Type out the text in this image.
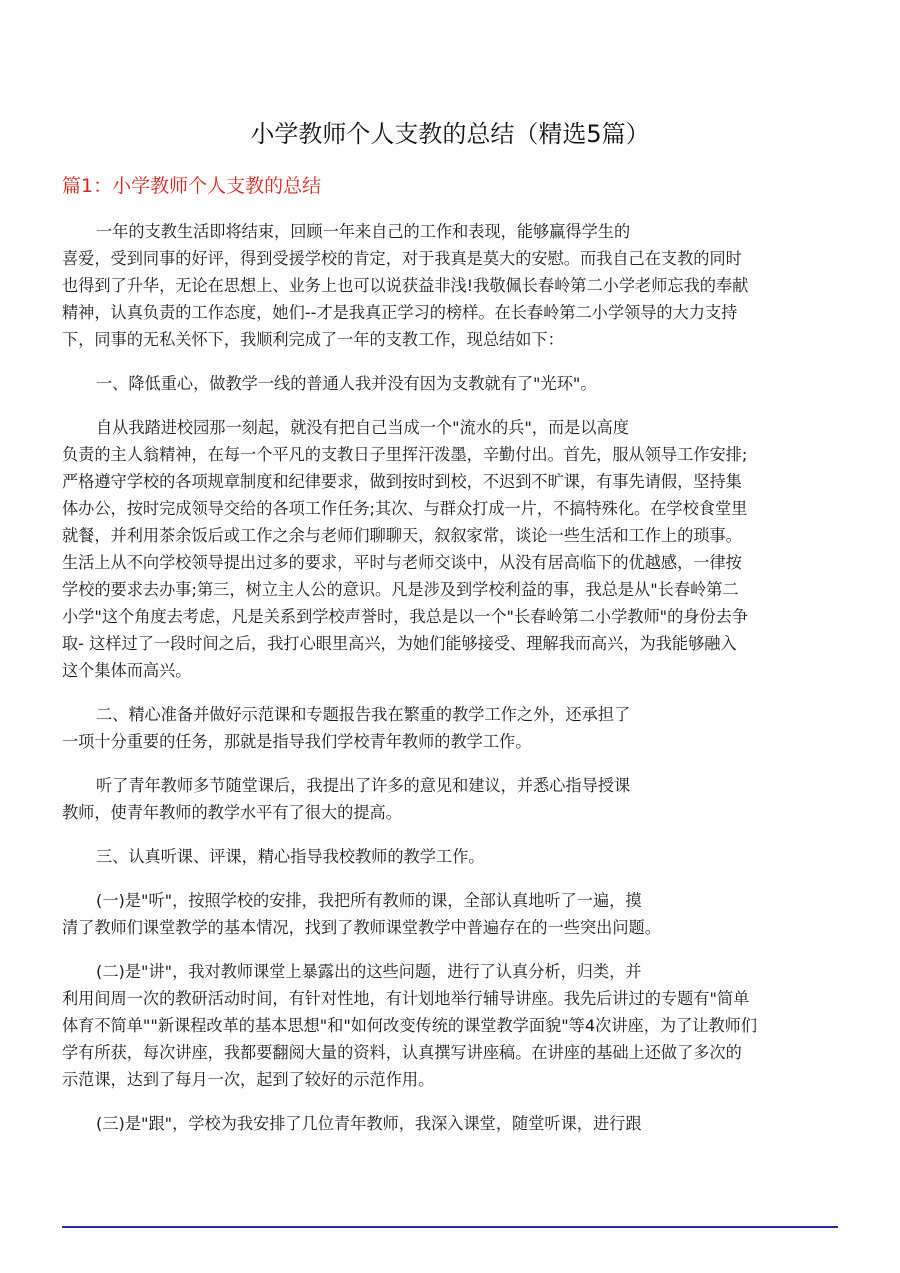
小学教师个人支教的总结（精选5篇）
篇1：小学教师个人支教的总结

一年的支教生活即将结束，回顾一年来自己的工作和表现，能够赢得学生的
喜爱，受到同事的好评，得到受援学校的肯定，对于我真是莫大的安慰。而我自己在支教的同时
也得到了升华，无论在思想上、业务上也可以说获益非浅!我敬佩长春岭第二小学老师忘我的奉献
精神，认真负责的工作态度，她们--才是我真正学习的榜样。在长春岭第二小学领导的大力支持
下，同事的无私关怀下，我顺利完成了一年的支教工作，现总结如下：

一、降低重心，做教学一线的普通人我并没有因为支教就有了"光环"。

自从我踏进校园那一刻起，就没有把自己当成一个"流水的兵"，而是以高度
负责的主人翁精神，在每一个平凡的支教日子里挥汗泼墨，辛勤付出。首先，服从领导工作安排;
严格遵守学校的各项规章制度和纪律要求，做到按时到校，不迟到不旷课，有事先请假，坚持集
体办公，按时完成领导交给的各项工作任务;其次、与群众打成一片，不搞特殊化。在学校食堂里
就餐，并利用茶余饭后或工作之余与老师们聊聊天，叙叙家常，谈论一些生活和工作上的琐事。
生活上从不向学校领导提出过多的要求，平时与老师交谈中，从没有居高临下的优越感，一律按
学校的要求去办事;第三，树立主人公的意识。凡是涉及到学校利益的事，我总是从"长春岭第二
小学"这个角度去考虑，凡是关系到学校声誉时，我总是以一个"长春岭第二小学教师"的身份去争
取- 这样过了一段时间之后，我打心眼里高兴，为她们能够接受、理解我而高兴，为我能够融入
这个集体而高兴。

二、精心准备并做好示范课和专题报告我在繁重的教学工作之外，还承担了
一项十分重要的任务，那就是指导我们学校青年教师的教学工作。

听了青年教师多节随堂课后，我提出了许多的意见和建议，并悉心指导授课
教师，使青年教师的教学水平有了很大的提高。

三、认真听课、评课，精心指导我校教师的教学工作。

(一)是"听"，按照学校的安排，我把所有教师的课，全部认真地听了一遍，摸
清了教师们课堂教学的基本情况，找到了教师课堂教学中普遍存在的一些突出问题。

(二)是"讲"，我对教师课堂上暴露出的这些问题，进行了认真分析，归类，并
利用间周一次的教研活动时间，有针对性地，有计划地举行辅导讲座。我先后讲过的专题有"简单
体育不简单""新课程改革的基本思想"和"如何改变传统的课堂教学面貌"等4次讲座，为了让教师们
学有所获，每次讲座，我都要翻阅大量的资料，认真撰写讲座稿。在讲座的基础上还做了多次的
示范课，达到了每月一次，起到了较好的示范作用。

(三)是"跟"，学校为我安排了几位青年教师，我深入课堂，随堂听课，进行跟
